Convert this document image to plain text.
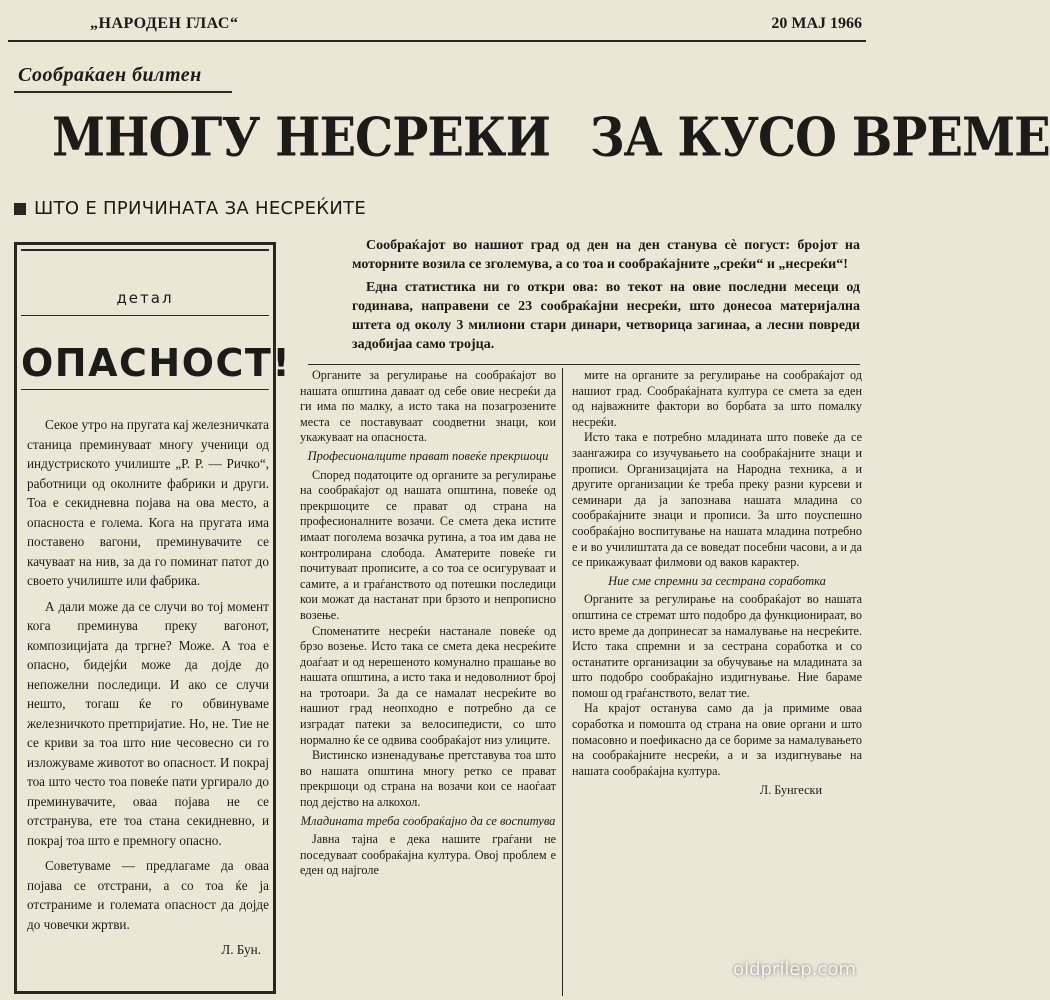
„НАРОДЕН ГЛАС“	20 МАЈ 1966
Сообраќаен билтен
МНОГУ НЕСРЕКИ ЗА КУСО ВРЕМЕ
ШТО Е ПРИЧИНАТА ЗА НЕСРЕЌИТЕ
детал
ОПАСНОСТ!

Секое утро на пругата кај железничката станица преминуваат многу ученици од индустриското училиште „Р. Р. — Ричко“, работници од околните фабрики и други. Тоа е секидневна појава на ова место, а опасноста е голема. Кога на пругата има поставено вагони, преминувачите се качуваат на нив, за да го поминат патот до своето училиште или фабрика.

А дали може да се случи во тој момент кога преминува преку вагонот, композицијата да тргне? Може. А тоа е опасно, бидејќи може да дојде до непожелни последици. И ако се случи нешто, тогаш ќе го обвинуваме железничкото претпријатие. Но, не. Тие не се криви за тоа што ние чесовесно си го изложуваме животот во опасност. И покрај тоа што често тоа повеќе пати ургирало до преминувачите, оваа појава не се отстранува, ете тоа стана секидневно, и покрај тоа што е премногу опасно.

Советуваме — предлагаме да оваа појава се отстрани, а со тоа ќе ја отстраниме и големата опасност да дојде до човечки жртви.

Л. Бун.

Сообраќајот во нашиот град од ден на ден станува сѐ погуст: бројот на моторните возила се зголемува, а со тоа и сообраќајните „среќи“ и „несреќи“!

Една статистика ни го откри ова: во текот на овие последни месеци од годинава, направени се 23 сообраќајни несреќи, што донесоа материјална штета од околу 3 милиони стари динари, четворица загинаа, а лесни повреди задобијаа само тројца.

Органите за регулирање на сообраќајот во нашата општина даваат од себе овие несреќи да ги има по малку, а исто така на позагрозените места се поставуваат соодветни знаци, кои укажуваат на опасноста.

Професионалците прават повеќе прекршоци

Според податоците од органите за регулирање на сообраќајот од нашата општина, повеќе од прекршоците се прават од страна на професионалните возачи. Се смета дека истите имаат поголема возачка рутина, а тоа им дава не контролирана слобода. Аматерите повеќе ги почитуваат прописите, а со тоа се осигуруваат и самите, а и граѓанството од потешки последици кои можат да настанат при брзото и непрописно возење.

Споменатите несреќи настанале повеќе од брзо возење. Исто така се смета дека несреќите доаѓаат и од нерешеното комунално прашање во нашата општина, а исто така и недоволниот број на тротоари. За да се намалат несреќите во нашиот град неопходно е потребно да се изградат патеки за велосипедисти, со што нормално ќе се одвива сообраќајот низ улиците.

Вистинско изненадување претставува тоа што во нашата општина многу ретко се прават прекршоци од страна на возачи кои се наоѓаат под дејство на алкохол.

Младината треба сообраќајно да се воспитува

Јавна тајна е дека нашите граѓани не поседуваат сообраќајна култура. Овој проблем е еден од најголе

мите на органите за регулирање на сообраќајот од нашиот град. Сообраќајната култура се смета за еден од најважните фактори во борбата за што помалку несреќи.

Исто така е потребно младината што повеќе да се заангажира со изучувањето на сообраќајните знаци и прописи. Организацијата на Народна техника, а и другите организации ќе треба преку разни курсеви и семинари да ја запознава нашата младина со сообраќајните знаци и прописи. За што поуспешно сообраќајно воспитување на нашата младина потребно е и во училиштата да се воведат посебни часови, а и да се прикажуваат филмови од ваков карактер.

Ние сме спремни за сестрана соработка

Органите за регулирање на сообраќајот во нашата општина се стремат што подобро да функционираат, во исто време да допринесат за намалување на несреќите. Исто така спремни и за сестрана соработка и со останатите организации за обучување на младината за што подобро сообраќајно издигнување. Ние бараме помош од граѓанството, велат тие.

На крајот останува само да ја примиме оваа соработка и помошта од страна на овие органи и што помасовно и поефикасно да се бориме за намалувањето на сообраќајните несреќи, а и за издигнување на нашата сообраќајна култура.

Л. Бунгески

oldprilep.com
